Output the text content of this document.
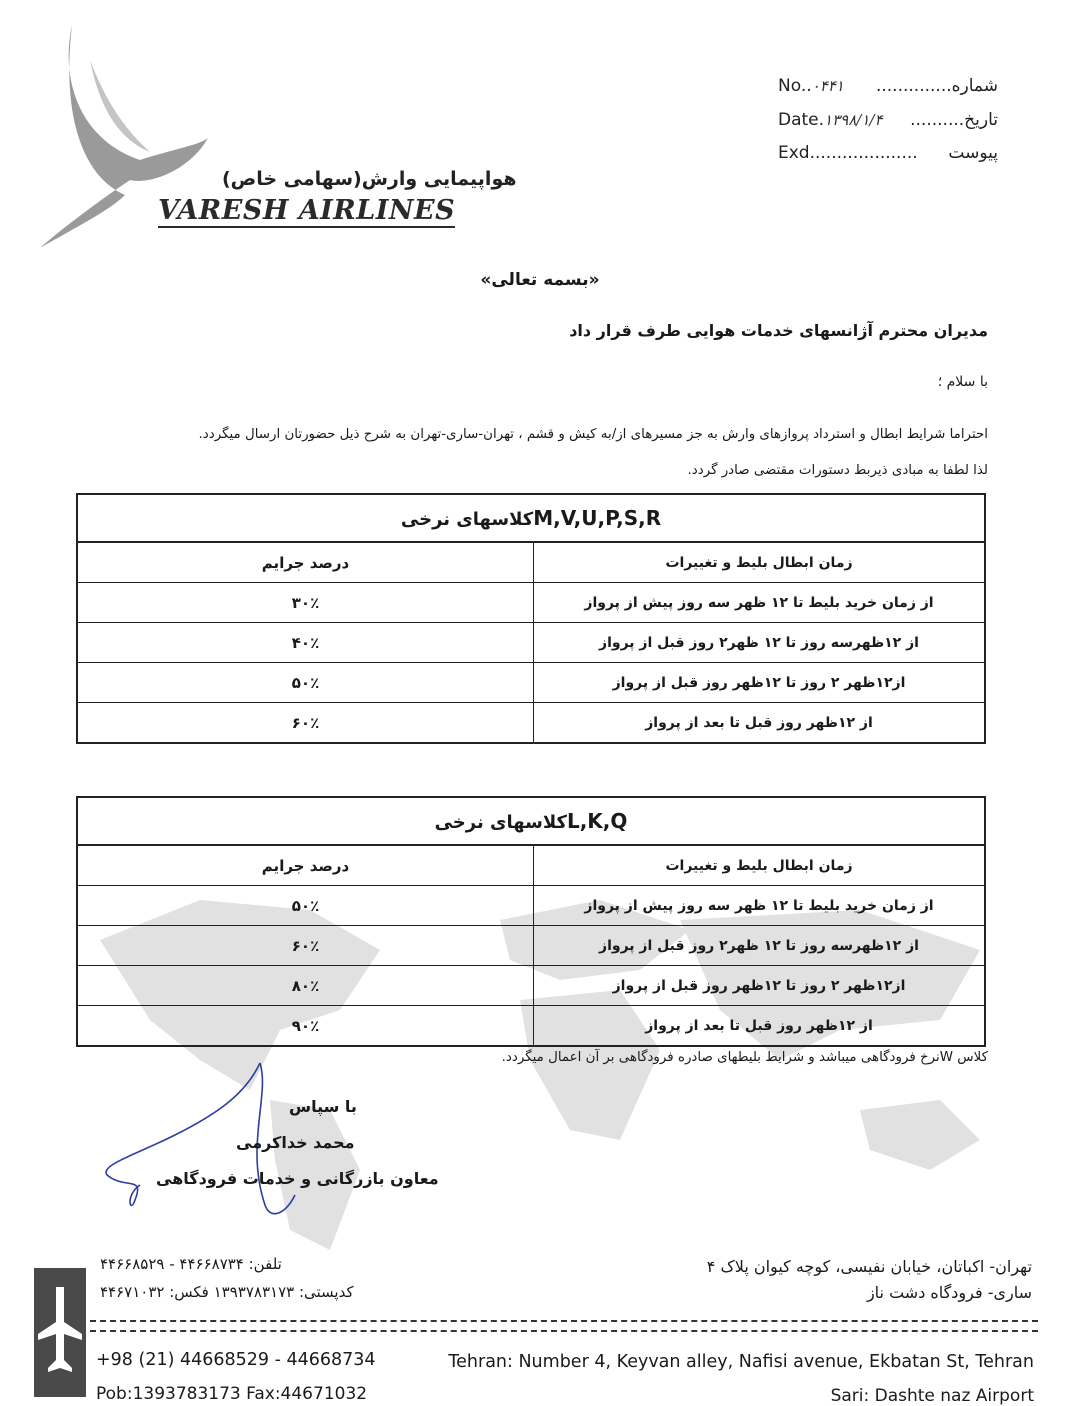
هواپیمایی وارش(سهامی خاص)
VARESH AIRLINES
No..۰۴۴۱	شماره..............
Date.۱۳۹۸/۱/۴	تاریخ..........
Exd.................... پیوست
«بسمه تعالی»
مدیران محترم آژانسهای خدمات هوایی طرف قرار داد
با سلام ؛
احتراما شرایط ابطال و استرداد پروازهای وارش به جز مسیرهای از/به کیش و قشم ، تهران-ساری-تهران به شرح ذیل حضورتان ارسال میگردد.
لذا لطفا به مبادی ذیربط دستورات مقتضی صادر گردد.
M,V,U,P,S,Rکلاسهای نرخی
درصد جرایم	زمان ابطال بلیط و تغییرات
۳۰٪	از زمان خرید بلیط تا ۱۲ ظهر سه روز پیش از پرواز
۴۰٪	از ۱۲ظهرسه روز تا ۱۲ ظهر۲ روز قبل از پرواز
۵۰٪	از۱۲ظهر ۲ روز تا ۱۲ظهر روز قبل از پرواز
۶۰٪	از ۱۲ظهر روز قبل تا بعد از پرواز
L,K,Qکلاسهای نرخی
درصد جرایم	زمان ابطال بلیط و تغییرات
۵۰٪	از زمان خرید بلیط تا ۱۲ ظهر سه روز پیش از پرواز
۶۰٪	از ۱۲ظهرسه روز تا ۱۲ ظهر۲ روز قبل از پرواز
۸۰٪	از۱۲ظهر ۲ روز تا ۱۲ظهر روز قبل از پرواز
۹۰٪	از ۱۲ظهر روز قبل تا بعد از پرواز
کلاس Wنرخ فرودگاهی میباشد و شرایط بلیطهای صادره فرودگاهی بر آن اعمال میگردد.
با سپاس
محمد خداکرمی
معاون بازرگانی و خدمات فرودگاهی
تهران- اکباتان، خیابان نفیسی، کوچه کیوان پلاک ۴
ساری- فرودگاه دشت ناز
تلفن: ۴۴۶۶۸۷۳۴ - ۴۴۶۶۸۵۲۹
کدپستی: ۱۳۹۳۷۸۳۱۷۳ فکس: ۴۴۶۷۱۰۳۲
+98 (21) 44668529 - 44668734	Tehran: Number 4, Keyvan alley, Nafisi avenue, Ekbatan St, Tehran
Pob:1393783173 Fax:44671032	Sari: Dashte naz Airport
